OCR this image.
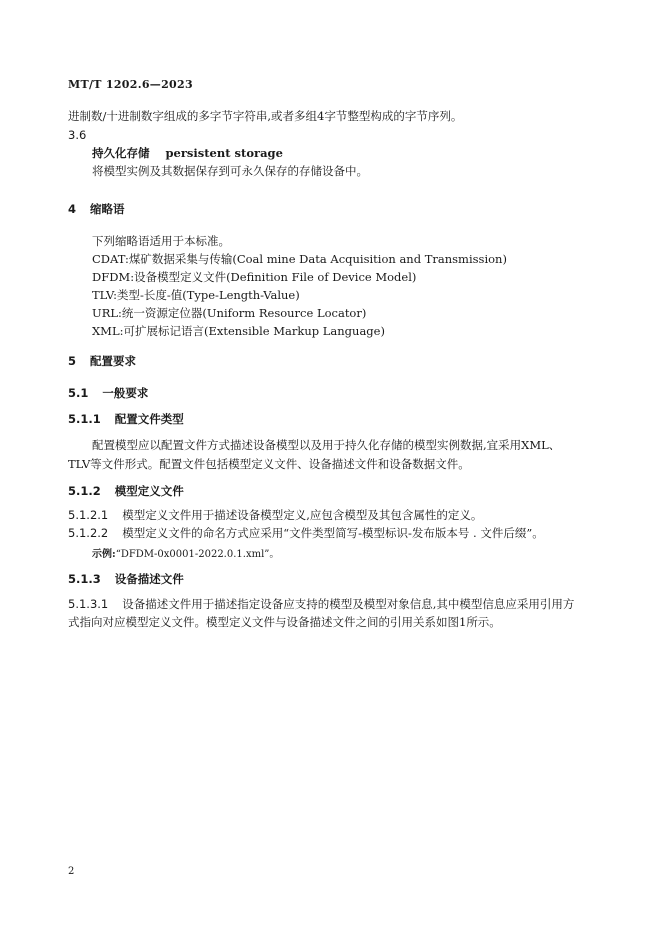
MT/T 1202.6—2023
进制数/十进制数字组成的多字节字符串,或者多组4字节整型构成的字节序列。
3.6
持久化存储 persistent storage
将模型实例及其数据保存到可永久保存的存储设备中。
4 缩略语
下列缩略语适用于本标准。
CDAT:煤矿数据采集与传输(Coal mine Data Acquisition and Transmission)
DFDM:设备模型定义文件(Definition File of Device Model)
TLV:类型-长度-值(Type-Length-Value)
URL:统一资源定位器(Uniform Resource Locator)
XML:可扩展标记语言(Extensible Markup Language)
5 配置要求
5.1 一般要求
5.1.1 配置文件类型
配置模型应以配置文件方式描述设备模型以及用于持久化存储的模型实例数据,宜采用XML、
TLV等文件形式。配置文件包括模型定义文件、设备描述文件和设备数据文件。
5.1.2 模型定义文件
5.1.2.1 模型定义文件用于描述设备模型定义,应包含模型及其包含属性的定义。
5.1.2.2 模型定义文件的命名方式应采用“文件类型简写-模型标识-发布版本号 . 文件后缀”。
示例:“DFDM-0x0001-2022.0.1.xml”。
5.1.3 设备描述文件
5.1.3.1 设备描述文件用于描述指定设备应支持的模型及模型对象信息,其中模型信息应采用引用方
式指向对应模型定义文件。模型定义文件与设备描述文件之间的引用关系如图1所示。
2
